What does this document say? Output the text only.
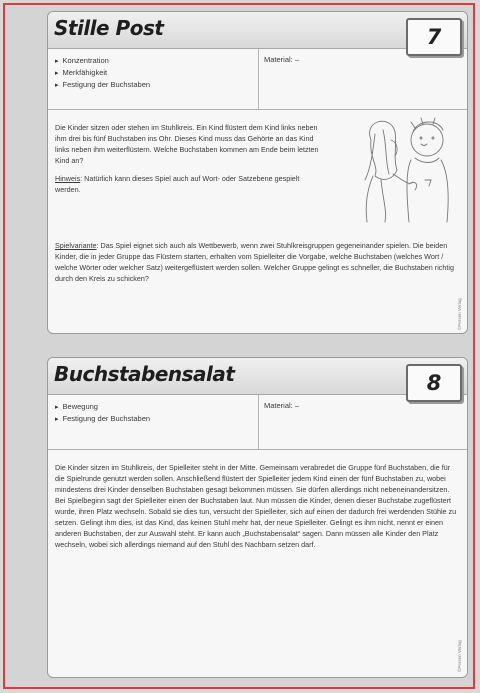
Stille Post
▸ Konzentration
▸ Merkfähigkeit
▸ Festigung der Buchstaben
Material: –

Die Kinder sitzen oder stehen im Stuhlkreis. Ein Kind flüstert dem Kind links neben ihm drei bis fünf Buchstaben ins Ohr. Dieses Kind muss das Gehörte an das Kind links neben ihm weiterflüstern. Welche Buchstaben kommen am Ende beim letzten Kind an?

Hinweis: Natürlich kann dieses Spiel auch auf Wort- oder Satzebene gespielt werden.

Spielvariante: Das Spiel eignet sich auch als Wettbewerb, wenn zwei Stuhlkreisgruppen gegeneinander spielen. Die beiden Kinder, die in jeder Gruppe das Flüstern starten, erhalten vom Spielleiter die Vorgabe, welche Buchstaben (welches Wort / welche Wörter oder welcher Satz) weitergeflüstert werden sollen. Welcher Gruppe gelingt es schneller, die Buchstaben richtig durch den Kreis zu schicken?

©Persen Verlag
7
Buchstabensalat
▸ Bewegung
▸ Festigung der Buchstaben
Material: –

Die Kinder sitzen im Stuhlkreis, der Spielleiter steht in der Mitte. Gemeinsam verabredet die Gruppe fünf Buchstaben, die für die Spielrunde genutzt werden sollen. Anschließend flüstert der Spielleiter jedem Kind einen der fünf Buchstaben zu, wobei mindestens drei Kinder denselben Buchstaben gesagt bekommen müssen. Sie dürfen allerdings nicht nebeneinandersitzen.

Bei Spielbeginn sagt der Spielleiter einen der Buchstaben laut. Nun müssen die Kinder, denen dieser Buchstabe zugeflüstert wurde, ihren Platz wechseln. Sobald sie dies tun, versucht der Spielleiter, sich auf einen der dadurch frei werdenden Stühle zu setzen. Gelingt ihm dies, ist das Kind, das keinen Stuhl mehr hat, der neue Spielleiter. Gelingt es ihm nicht, nennt er einen anderen Buchstaben, der zur Auswahl steht. Er kann auch „Buchstabensalat“ sagen. Dann müssen alle Kinder den Platz wechseln, wobei sich allerdings niemand auf den Stuhl des Nachbarn setzen darf.

©Persen Verlag
8
